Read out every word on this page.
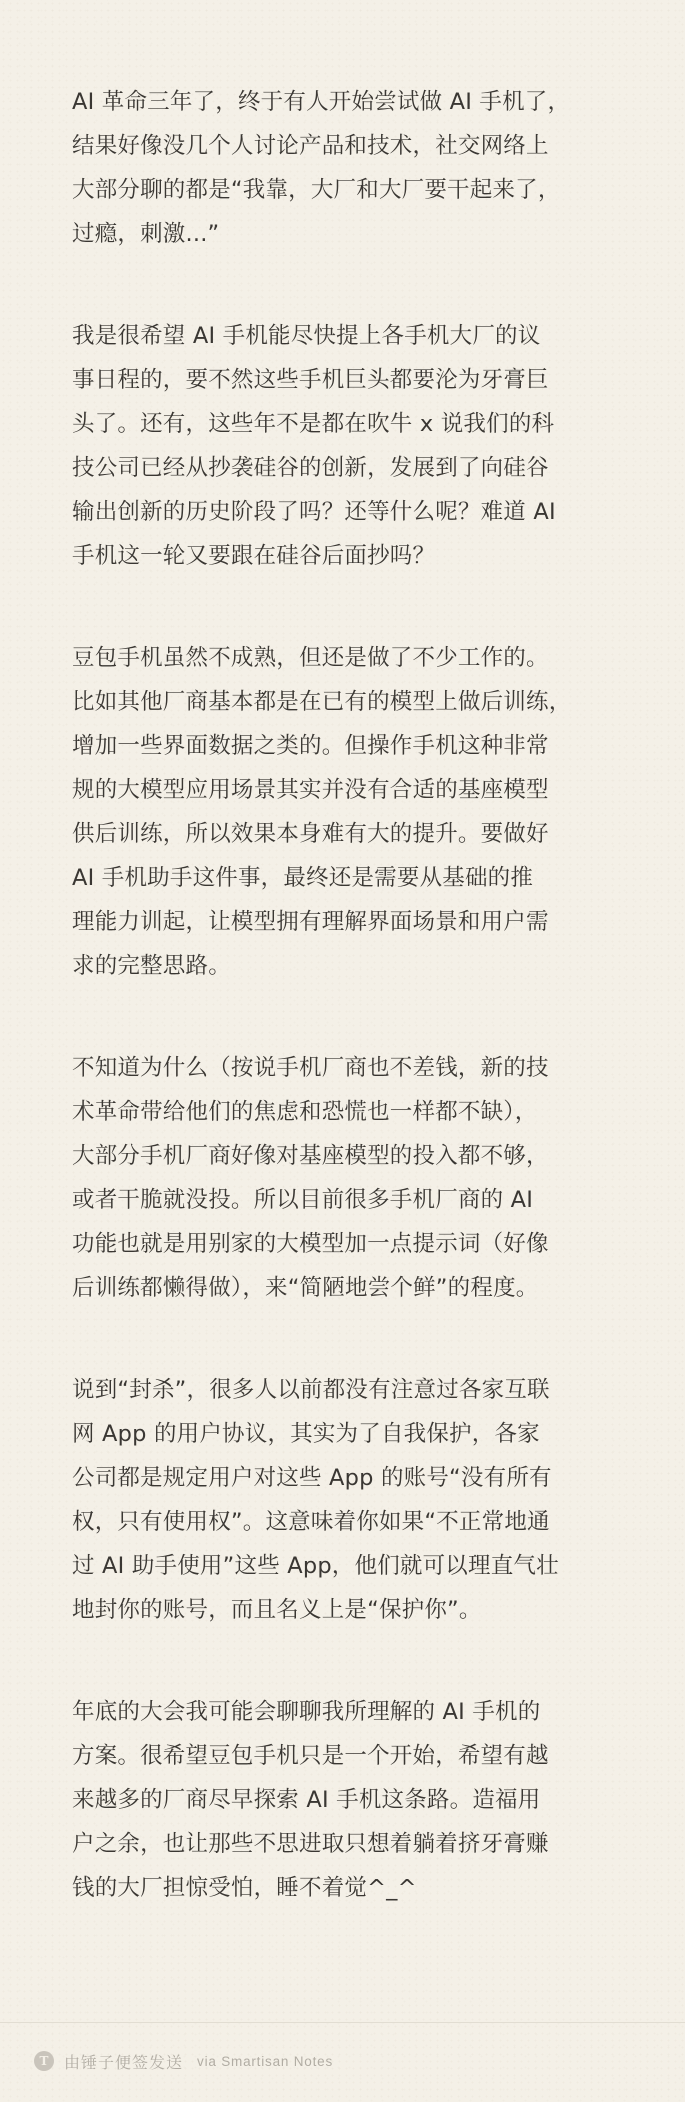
AI 革命三年了，终于有人开始尝试做 AI 手机了，
结果好像没几个人讨论产品和技术，社交网络上
大部分聊的都是“我靠，大厂和大厂要干起来了，
过瘾，刺激...”
我是很希望 AI 手机能尽快提上各手机大厂的议
事日程的，要不然这些手机巨头都要沦为牙膏巨
头了。还有，这些年不是都在吹牛 x 说我们的科
技公司已经从抄袭硅谷的创新，发展到了向硅谷
输出创新的历史阶段了吗？还等什么呢？难道 AI
手机这一轮又要跟在硅谷后面抄吗？
豆包手机虽然不成熟，但还是做了不少工作的。
比如其他厂商基本都是在已有的模型上做后训练，
增加一些界面数据之类的。但操作手机这种非常
规的大模型应用场景其实并没有合适的基座模型
供后训练，所以效果本身难有大的提升。要做好
AI 手机助手这件事，最终还是需要从基础的推
理能力训起，让模型拥有理解界面场景和用户需
求的完整思路。
不知道为什么（按说手机厂商也不差钱，新的技
术革命带给他们的焦虑和恐慌也一样都不缺），
大部分手机厂商好像对基座模型的投入都不够，
或者干脆就没投。所以目前很多手机厂商的 AI
功能也就是用别家的大模型加一点提示词（好像
后训练都懒得做），来“简陋地尝个鲜”的程度。
说到“封杀”，很多人以前都没有注意过各家互联
网 App 的用户协议，其实为了自我保护，各家
公司都是规定用户对这些 App 的账号“没有所有
权，只有使用权”。这意味着你如果“不正常地通
过 AI 助手使用”这些 App，他们就可以理直气壮
地封你的账号，而且名义上是“保护你”。
年底的大会我可能会聊聊我所理解的 AI 手机的
方案。很希望豆包手机只是一个开始，希望有越
来越多的厂商尽早探索 AI 手机这条路。造福用
户之余，也让那些不思进取只想着躺着挤牙膏赚
钱的大厂担惊受怕，睡不着觉^_^
T 由锤子便签发送 via Smartisan Notes
